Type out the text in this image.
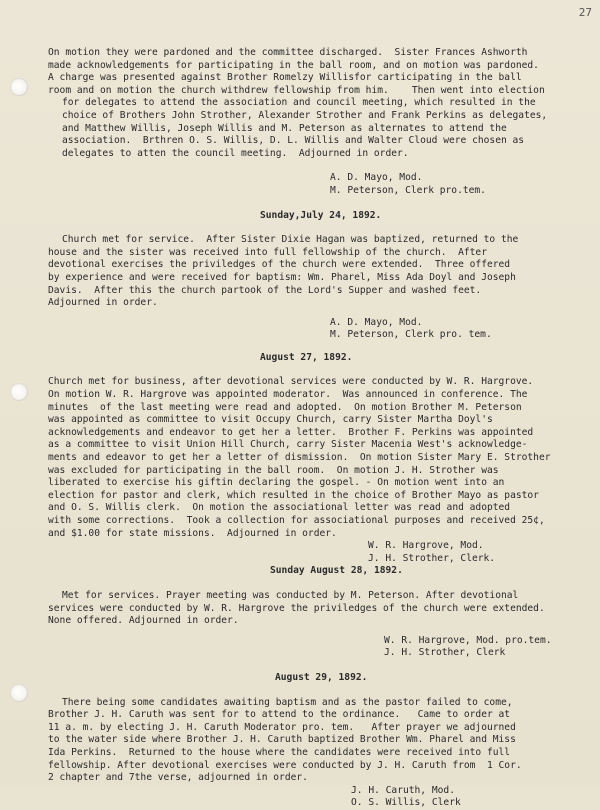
27
On motion they were pardoned and the committee discharged.  Sister Frances Ashworth
made acknowledgements for participating in the ball room, and on motion was pardoned.
A charge was presented against Brother Romelzy Willisfor carticipating in the ball
room and on motion the church withdrew fellowship from him.    Then went into election
for delegates to attend the association and council meeting, which resulted in the
choice of Brothers John Strother, Alexander Strother and Frank Perkins as delegates,
and Matthew Willis, Joseph Willis and M. Peterson as alternates to attend the
association.  Brthren O. S. Willis, D. L. Willis and Walter Cloud were chosen as
delegates to atten the council meeting.  Adjourned in order.
A. D. Mayo, Mod.
M. Peterson, Clerk pro.tem.
Sunday,July 24, 1892.
Church met for service.  After Sister Dixie Hagan was baptized, returned to the
house and the sister was received into full fellowship of the church.  After
devotional exercises the priviledges of the church were extended.  Three offered
by experience and were received for baptism: Wm. Pharel, Miss Ada Doyl and Joseph
Davis.  After this the church partook of the Lord's Supper and washed feet.
Adjourned in order.
A. D. Mayo, Mod.
M. Peterson, Clerk pro. tem.
August 27, 1892.
Church met for business, after devotional services were conducted by W. R. Hargrove.
On motion W. R. Hargrove was appointed moderator.  Was announced in conference. The
minutes  of the last meeting were read and adopted.  On motion Brother M. Peterson
was appointed as committee to visit Occupy Church, carry Sister Martha Doyl's
acknowledgements and endeavor to get her a letter.  Brother F. Perkins was appointed
as a committee to visit Union Hill Church, carry Sister Macenia West's acknowledge-
ments and edeavor to get her a letter of dismission.  On motion Sister Mary E. Strother
was excluded for participating in the ball room.  On motion J. H. Strother was
liberated to exercise his giftin declaring the gospel. - On motion went into an
election for pastor and clerk, which resulted in the choice of Brother Mayo as pastor
and O. S. Willis clerk.  On motion the associational letter was read and adopted
with some corrections.  Took a collection for associational purposes and received 25¢,
and $1.00 for state missions.  Adjourned in order.
W. R. Hargrove, Mod.
J. H. Strother, Clerk.
Sunday August 28, 1892.
Met for services. Prayer meeting was conducted by M. Peterson. After devotional
services were conducted by W. R. Hargrove the priviledges of the church were extended.
None offered. Adjourned in order.
W. R. Hargrove, Mod. pro.tem.
J. H. Strother, Clerk
August 29, 1892.
There being some candidates awaiting baptism and as the pastor failed to come,
Brother J. H. Caruth was sent for to attend to the ordinance.   Came to order at
11 a. m. by electing J. H. Caruth Moderator pro. tem.   After prayer we adjourned
to the water side where Brother J. H. Caruth baptized Brother Wm. Pharel and Miss
Ida Perkins.  Returned to the house where the candidates were received into full
fellowship. After devotional exercises were conducted by J. H. Caruth from  1 Cor.
2 chapter and 7the verse, adjourned in order.
J. H. Caruth, Mod.
O. S. Willis, Clerk
